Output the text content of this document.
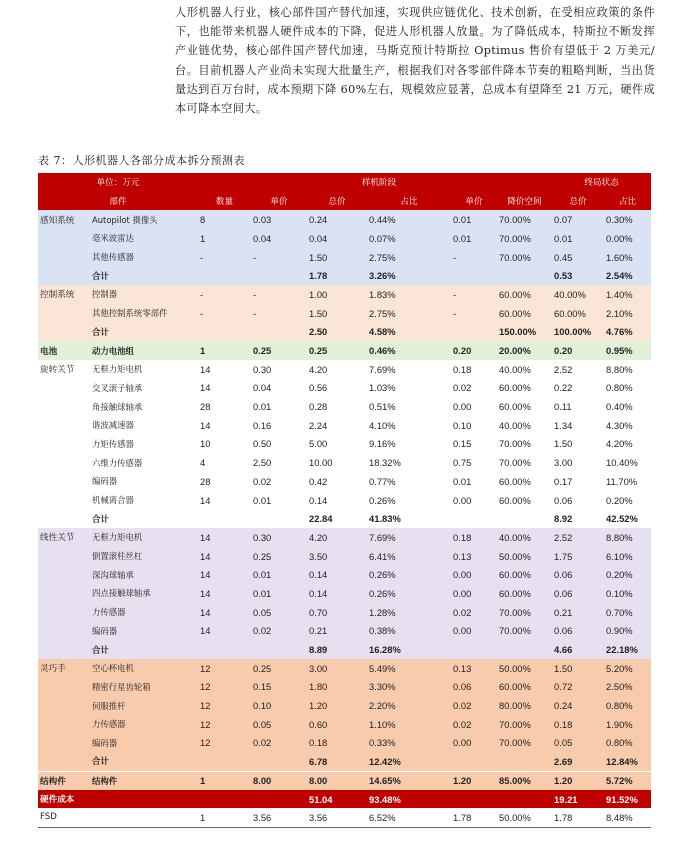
人形机器人行业，核心部件国产替代加速，实现供应链优化、技术创新，在受相应政策的条件下，也能带来机器人硬件成本的下降，促进人形机器人放量。为了降低成本，特斯拉不断发挥产业链优势，核心部件国产替代加速，马斯克预计特斯拉 Optimus 售价有望低于 2 万美元/台。目前机器人产业尚未实现大批量生产，根据我们对各零部件降本节奏的粗略判断，当出货量达到百万台时，成本预期下降 60%左右，规模效应显著，总成本有望降至 21 万元，硬件成本可降本空间大。
表 7：人形机器人各部分成本拆分预测表
单位：万元				样机阶段				终局状态	
部件		数量	单价	总价	占比	单价	降价空间	总价	占比
感知系统	Autopilot 摄像头	8	0.03	0.24	0.44%	0.01	70.00%	0.07	0.30%
	毫米波雷达	1	0.04	0.04	0.07%	0.01	70.00%	0.01	0.00%
	其他传感器	-	-	1.50	2.75%	-	70.00%	0.45	1.60%
	合计			1.78	3.26%			0.53	2.54%
控制系统	控制器	-	-	1.00	1.83%	-	60.00%	40.00%	1.40%
	其他控制系统零部件	-	-	1.50	2.75%	-	60.00%	60.00%	2.10%
	合计			2.50	4.58%		150.00%	100.00%	4.76%
电池	动力电池组	1	0.25	0.25	0.46%	0.20	20.00%	0.20	0.95%
旋转关节	无框力矩电机	14	0.30	4.20	7.69%	0.18	40.00%	2.52	8.80%
	交叉滚子轴承	14	0.04	0.56	1.03%	0.02	60.00%	0.22	0.80%
	角接触球轴承	28	0.01	0.28	0.51%	0.00	60.00%	0.11	0.40%
	谐波减速器	14	0.16	2.24	4.10%	0.10	40.00%	1.34	4.30%
	力矩传感器	10	0.50	5.00	9.16%	0.15	70.00%	1.50	4.20%
	六维力传感器	4	2.50	10.00	18.32%	0.75	70.00%	3.00	10.40%
	编码器	28	0.02	0.42	0.77%	0.01	60.00%	0.17	11.70%
	机械离合器	14	0.01	0.14	0.26%	0.00	60.00%	0.06	0.20%
	合计			22.84	41.83%			8.92	42.52%
线性关节	无框力矩电机	14	0.30	4.20	7.69%	0.18	40.00%	2.52	8.80%
	倒置滚柱丝杠	14	0.25	3.50	6.41%	0.13	50.00%	1.75	6.10%
	深沟球轴承	14	0.01	0.14	0.26%	0.00	60.00%	0.06	0.20%
	四点接触球轴承	14	0.01	0.14	0.26%	0.00	60.00%	0.06	0.10%
	力传感器	14	0.05	0.70	1.28%	0.02	70.00%	0.21	0.70%
	编码器	14	0.02	0.21	0.38%	0.00	70.00%	0.06	0.90%
	合计			8.89	16.28%			4.66	22.18%
灵巧手	空心杯电机	12	0.25	3.00	5.49%	0.13	50.00%	1.50	5.20%
	精密行星齿轮箱	12	0.15	1.80	3.30%	0.06	60.00%	0.72	2.50%
	伺服推杆	12	0.10	1.20	2.20%	0.02	80.00%	0.24	0.80%
	力传感器	12	0.05	0.60	1.10%	0.02	70.00%	0.18	1.90%
	编码器	12	0.02	0.18	0.33%	0.00	70.00%	0.05	0.80%
	合计			6.78	12.42%			2.69	12.84%
结构件	结构件	1	8.00	8.00	14.65%	1.20	85.00%	1.20	5.72%
硬件成本				51.04	93.48%			19.21	91.52%
FSD		1	3.56	3.56	6.52%	1.78	50.00%	1.78	8.48%
